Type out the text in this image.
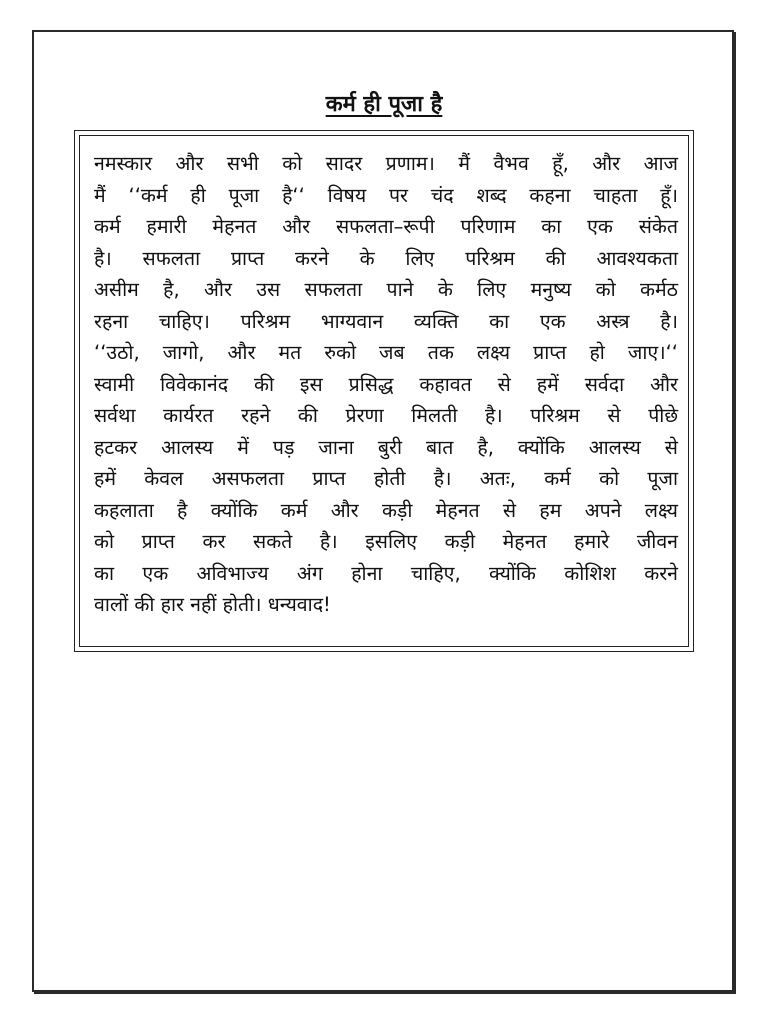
कर्म ही पूजा है
नमस्कार और सभी को सादर प्रणाम। मैं वैभव हूँ, और आज
मैं ‘‘कर्म ही पूजा है‘‘ विषय पर चंद शब्द कहना चाहता हूँ।
कर्म हमारी मेहनत और सफलता–रूपी परिणाम का एक संकेत
है। सफलता प्राप्त करने के लिए परिश्रम की आवश्यकता
असीम है, और उस सफलता पाने के लिए मनुष्य को कर्मठ
रहना चाहिए। परिश्रम भाग्यवान व्यक्ति का एक अस्त्र है।
‘‘उठो, जागो, और मत रुको जब तक लक्ष्य प्राप्त हो जाए।‘‘
स्वामी विवेकानंद की इस प्रसिद्ध कहावत से हमें सर्वदा और
सर्वथा कार्यरत रहने की प्रेरणा मिलती है। परिश्रम से पीछे
हटकर आलस्य में पड़ जाना बुरी बात है, क्योंकि आलस्य से
हमें केवल असफलता प्राप्त होती है। अतः, कर्म को पूजा
कहलाता है क्योंकि कर्म और कड़ी मेहनत से हम अपने लक्ष्य
को प्राप्त कर सकते है। इसलिए कड़ी मेहनत हमारे जीवन
का एक अविभाज्य अंग होना चाहिए, क्योंकि कोशिश करने
वालों की हार नहीं होती। धन्यवाद!
